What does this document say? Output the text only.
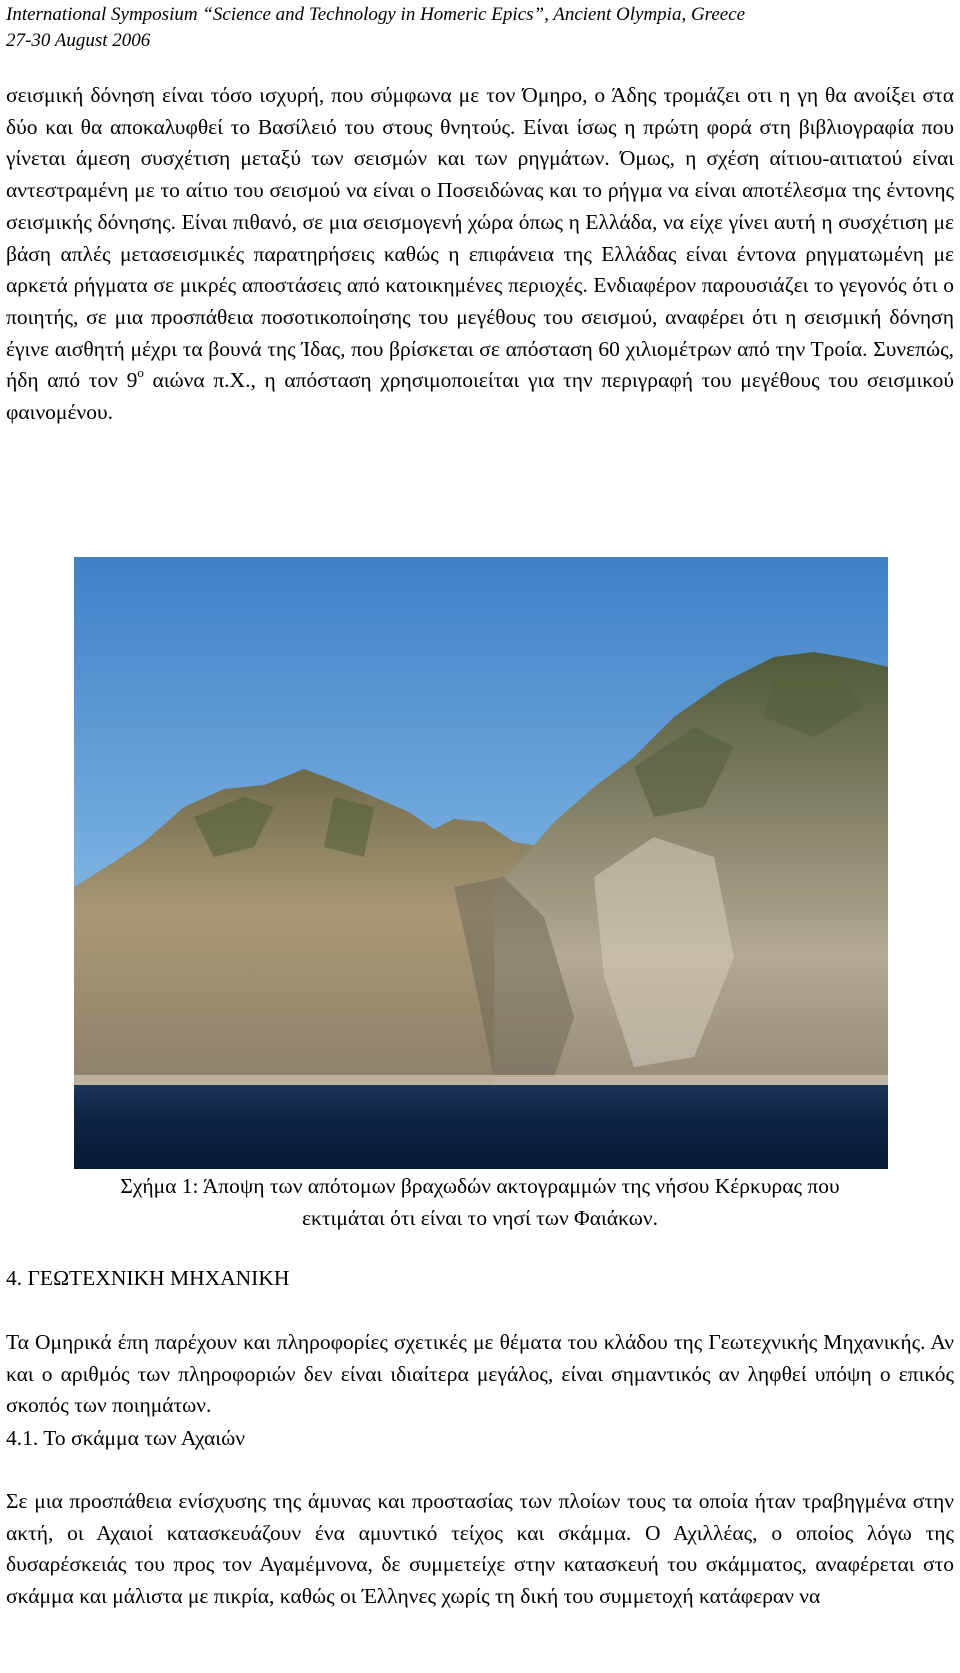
International Symposium “Science and Technology in Homeric Epics”, Ancient Olympia, Greece
27-30 August 2006

σεισμική δόνηση είναι τόσο ισχυρή, που σύμφωνα με τον Όμηρο, ο Άδης τρομάζει οτι η γη θα ανοίξει στα δύο και θα αποκαλυφθεί το Βασίλειό του στους θνητούς. Είναι ίσως η πρώτη φορά στη βιβλιογραφία που γίνεται άμεση συσχέτιση μεταξύ των σεισμών και των ρηγμάτων. Όμως, η σχέση αίτιου-αιτιατού είναι αντεστραμένη με το αίτιο του σεισμού να είναι ο Ποσειδώνας και το ρήγμα να είναι αποτέλεσμα της έντονης σεισμικής δόνησης. Είναι πιθανό, σε μια σεισμογενή χώρα όπως η Ελλάδα, να είχε γίνει αυτή η συσχέτιση με βάση απλές μετασεισμικές παρατηρήσεις καθώς η επιφάνεια της Ελλάδας είναι έντονα ρηγματωμένη με αρκετά ρήγματα σε μικρές αποστάσεις από κατοικημένες περιοχές. Ενδιαφέρον παρουσιάζει το γεγονός ότι ο ποιητής, σε μια προσπάθεια ποσοτικοποίησης του μεγέθους του σεισμού, αναφέρει ότι η σεισμική δόνηση έγινε αισθητή μέχρι τα βουνά της Ίδας, που βρίσκεται σε απόσταση 60 χιλιομέτρων από την Τροία. Συνεπώς, ήδη από τον $9^o$ αιώνα π.Χ., η απόσταση χρησιμοποιείται για την περιγραφή του μεγέθους του σεισμικού φαινομένου.

Σχήμα 1: Άποψη των απότομων βραχωδών ακτογραμμών της νήσου Κέρκυρας που
εκτιμάται ότι είναι το νησί των Φαιάκων.
4. ΓΕΩΤΕΧΝΙΚΗ ΜΗΧΑΝΙΚΗ

Τα Ομηρικά έπη παρέχουν και πληροφορίες σχετικές με θέματα του κλάδου της Γεωτεχνικής Μηχανικής. Αν και ο αριθμός των πληροφοριών δεν είναι ιδιαίτερα μεγάλος, είναι σημαντικός αν ληφθεί υπόψη ο επικός σκοπός των ποιημάτων.

4.1. Το σκάμμα των Αχαιών

Σε μια προσπάθεια ενίσχυσης της άμυνας και προστασίας των πλοίων τους τα οποία ήταν τραβηγμένα στην ακτή, οι Αχαιοί κατασκευάζουν ένα αμυντικό τείχος και σκάμμα. Ο Αχιλλέας, ο οποίος λόγω της δυσαρέσκειάς του προς τον Αγαμέμνονα, δε συμμετείχε στην κατασκευή του σκάμματος, αναφέρεται στο σκάμμα και μάλιστα με πικρία, καθώς οι Έλληνες χωρίς τη δική του συμμετοχή κατάφεραν να
